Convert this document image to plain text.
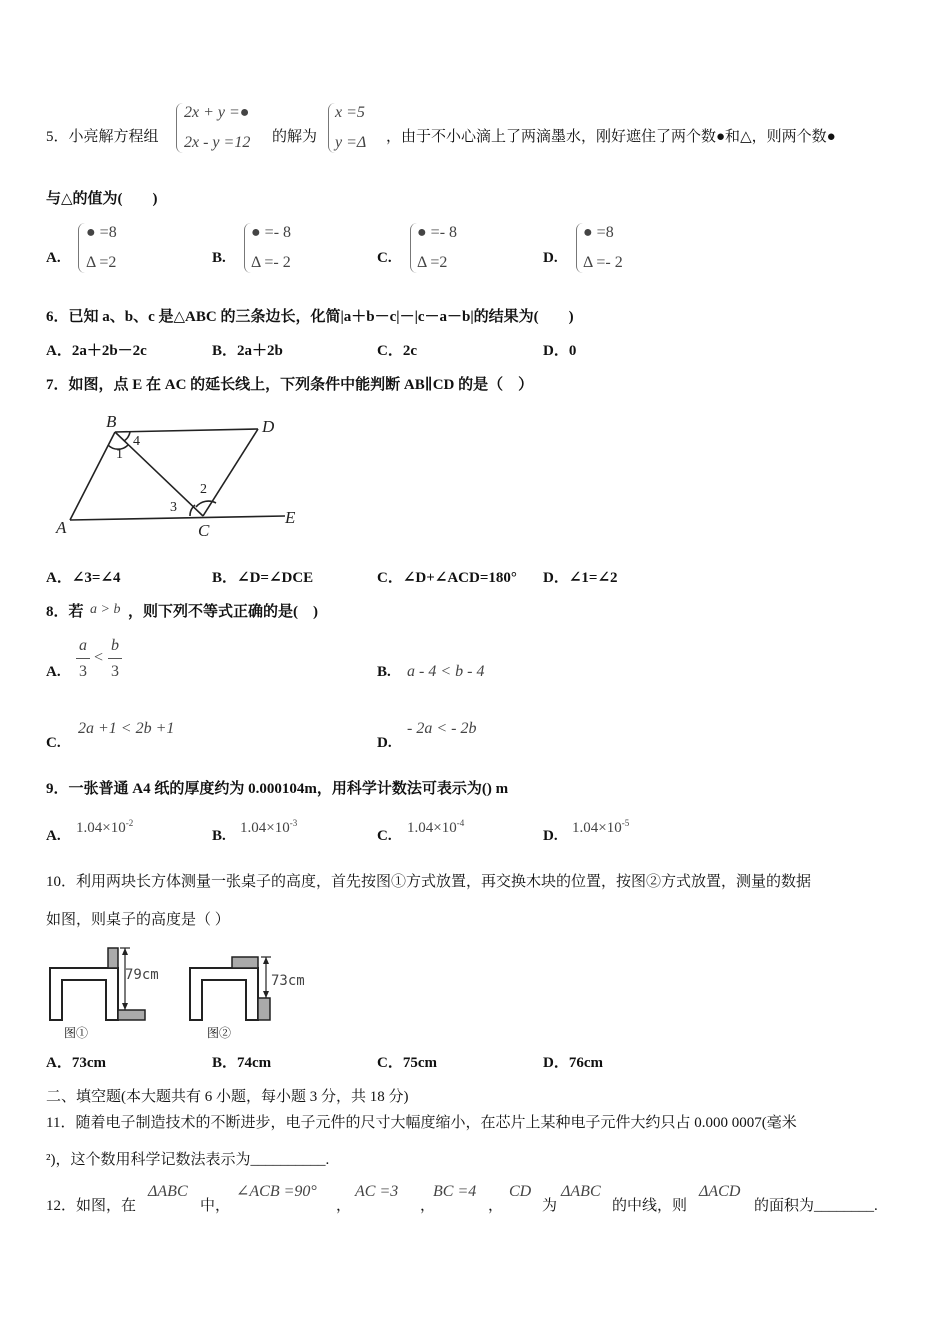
5．小亮解方程组
2x + y =●
2x - y =12 的解为
x =5
y =Δ ，由于不小心滴上了两滴墨水，刚好遮住了两个数●和△，则两个数●
与△的值为(　　)
A.
● =8
Δ =2	B.
● =- 8
Δ =- 2	C.
● =- 8
Δ =2	D.
● =8
Δ =- 2
6．已知 a、b、c 是△ABC 的三条边长，化简|a＋b－c|－|c－a－b|的结果为(　　)
A．2a＋2b－2c	B．2a＋2b	C．2c	D．0
7．如图，点 E 在 AC 的延长线上，下列条件中能判断 AB∥CD 的是（　）
B	D
A	C
E
1
2
3
4
A．∠3=∠4	B．∠D=∠DCE	C．∠D+∠ACD=180° D．∠1=∠2
8．若 a > b ，则下列不等式正确的是(　)
A.
a
3
<
b
3	B. a - 4 < b - 4
C.
2a +1 < 2b +1
D.
- 2a < - 2b
9．一张普通 A4 纸的厚度约为 0.000104m，用科学计数法可表示为() m
A. $1.04\times 10^{-2}$
B. $1.04\times 10^{-3}$
C. $1.04\times 10^{-4}$
D. $1.04\times 10^{-5}$
10．利用两块长方体测量一张桌子的高度，首先按图①方式放置，再交换木块的位置，按图②方式放置，测量的数据
如图，则桌子的高度是（ ）
79cm	73cm
图①	图②
A．73cm	B．74cm	C．75cm	D．76cm
二、填空题(本大题共有 6 小题，每小题 3 分，共 18 分)
11．随着电子制造技术的不断进步，电子元件的尺寸大幅度缩小，在芯片上某种电子元件大约只占 0.000 0007(毫米
²)，这个数用科学记数法表示为__________.
12．如图，在
ΔABC
中，
∠ACB =90°
，
AC =3
，
BC =4
，
CD
为
ΔABC
的中线，则
ΔACD
的面积为________.
